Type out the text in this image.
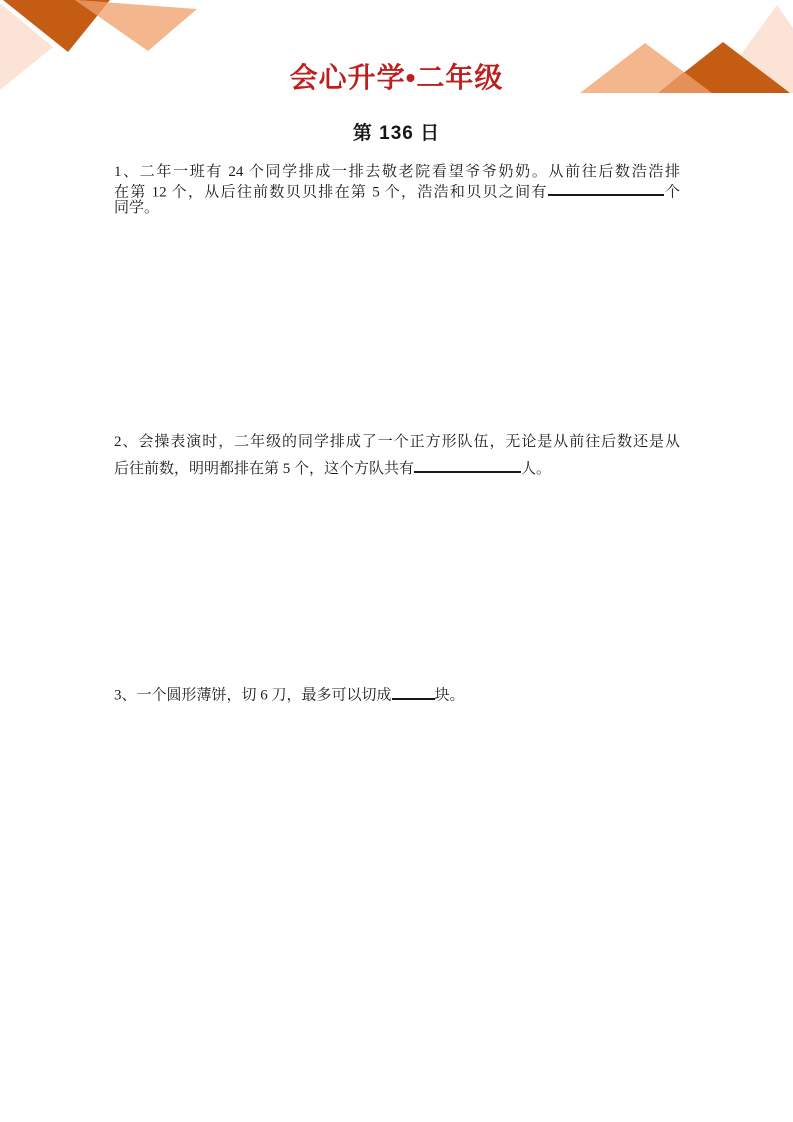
会心升学•二年级
第 136 日
1、二年一班有 24 个同学排成一排去敬老院看望爷爷奶奶。从前往后数浩浩排
在第 12 个，从后往前数贝贝排在第 5 个，浩浩和贝贝之间有	个
同学。
2、会操表演时，二年级的同学排成了一个正方形队伍，无论是从前往后数还是从
后往前数，明明都排在第 5 个，这个方队共有	人。
3、一个圆形薄饼，切 6 刀，最多可以切成	块。
